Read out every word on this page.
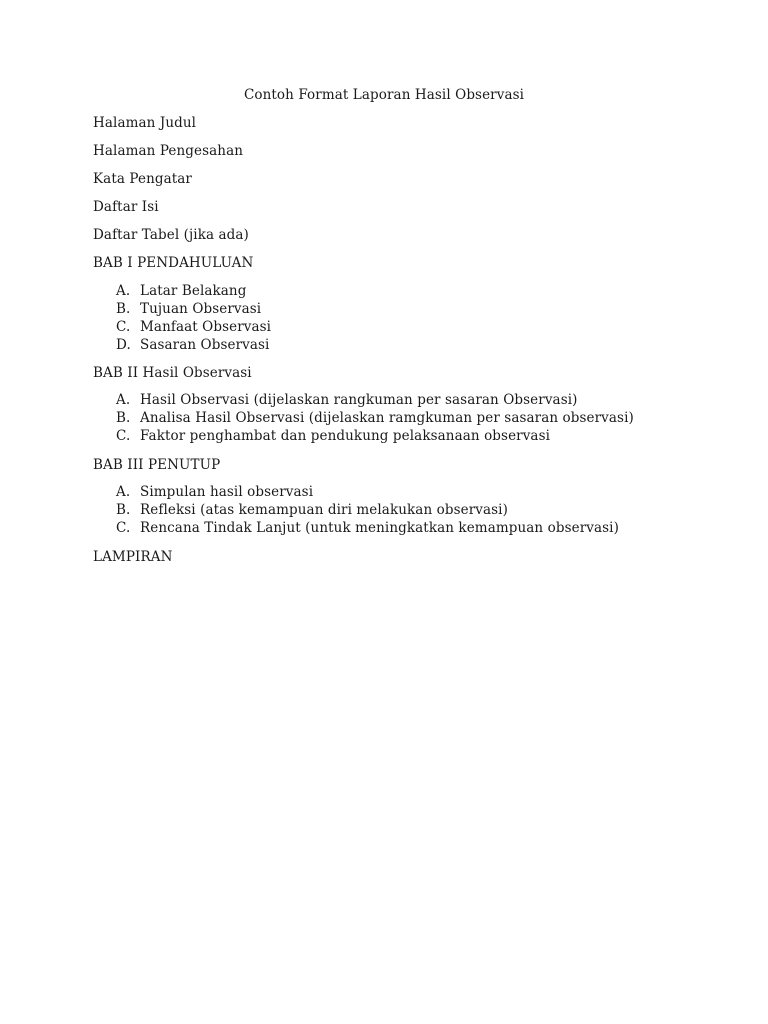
Contoh Format Laporan Hasil Observasi
Halaman Judul
Halaman Pengesahan
Kata Pengatar
Daftar Isi
Daftar Tabel (jika ada)
BAB I PENDAHULUAN
A. Latar Belakang
B. Tujuan Observasi
C. Manfaat Observasi
D. Sasaran Observasi
BAB II Hasil Observasi
A. Hasil Observasi (dijelaskan rangkuman per sasaran Observasi)
B. Analisa Hasil Observasi (dijelaskan ramgkuman per sasaran observasi)
C. Faktor penghambat dan pendukung pelaksanaan observasi
BAB III PENUTUP
A. Simpulan hasil observasi
B. Refleksi (atas kemampuan diri melakukan observasi)
C. Rencana Tindak Lanjut (untuk meningkatkan kemampuan observasi)
LAMPIRAN
